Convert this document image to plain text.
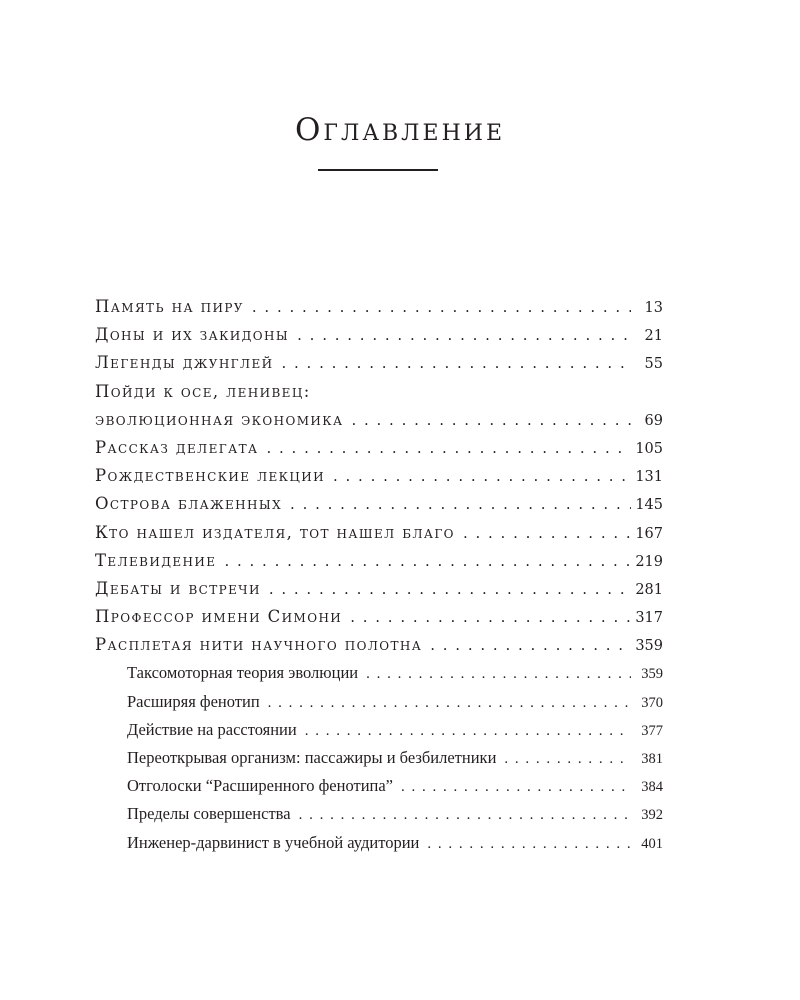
Оглавление
Память на пиру . . .	13
Доны и их закидоны . . .	21
Легенды джунглей . . .	55
Пойди к осе, ленивец:
эволюционная экономика . . .	69
Рассказ делегата . . .	105
Рождественские лекции . . .	131
Острова блаженных . . .	145
Кто нашел издателя, тот нашел благо . . .	167
Телевидение . . .	219
Дебаты и встречи . . .	281
Профессор имени Симони . . .	317
Расплетая нити научного полотна . . .	359
Таксомоторная теория эволюции . . .	359
Расширяя фенотип . . .	370
Действие на расстоянии . . .	377
Переоткрывая организм: пассажиры и безбилетники . . .	381
Отголоски “Расширенного фенотипа” . . .	384
Пределы совершенства . . .	392
Инженер-дарвинист в учебной аудитории . . .	401
